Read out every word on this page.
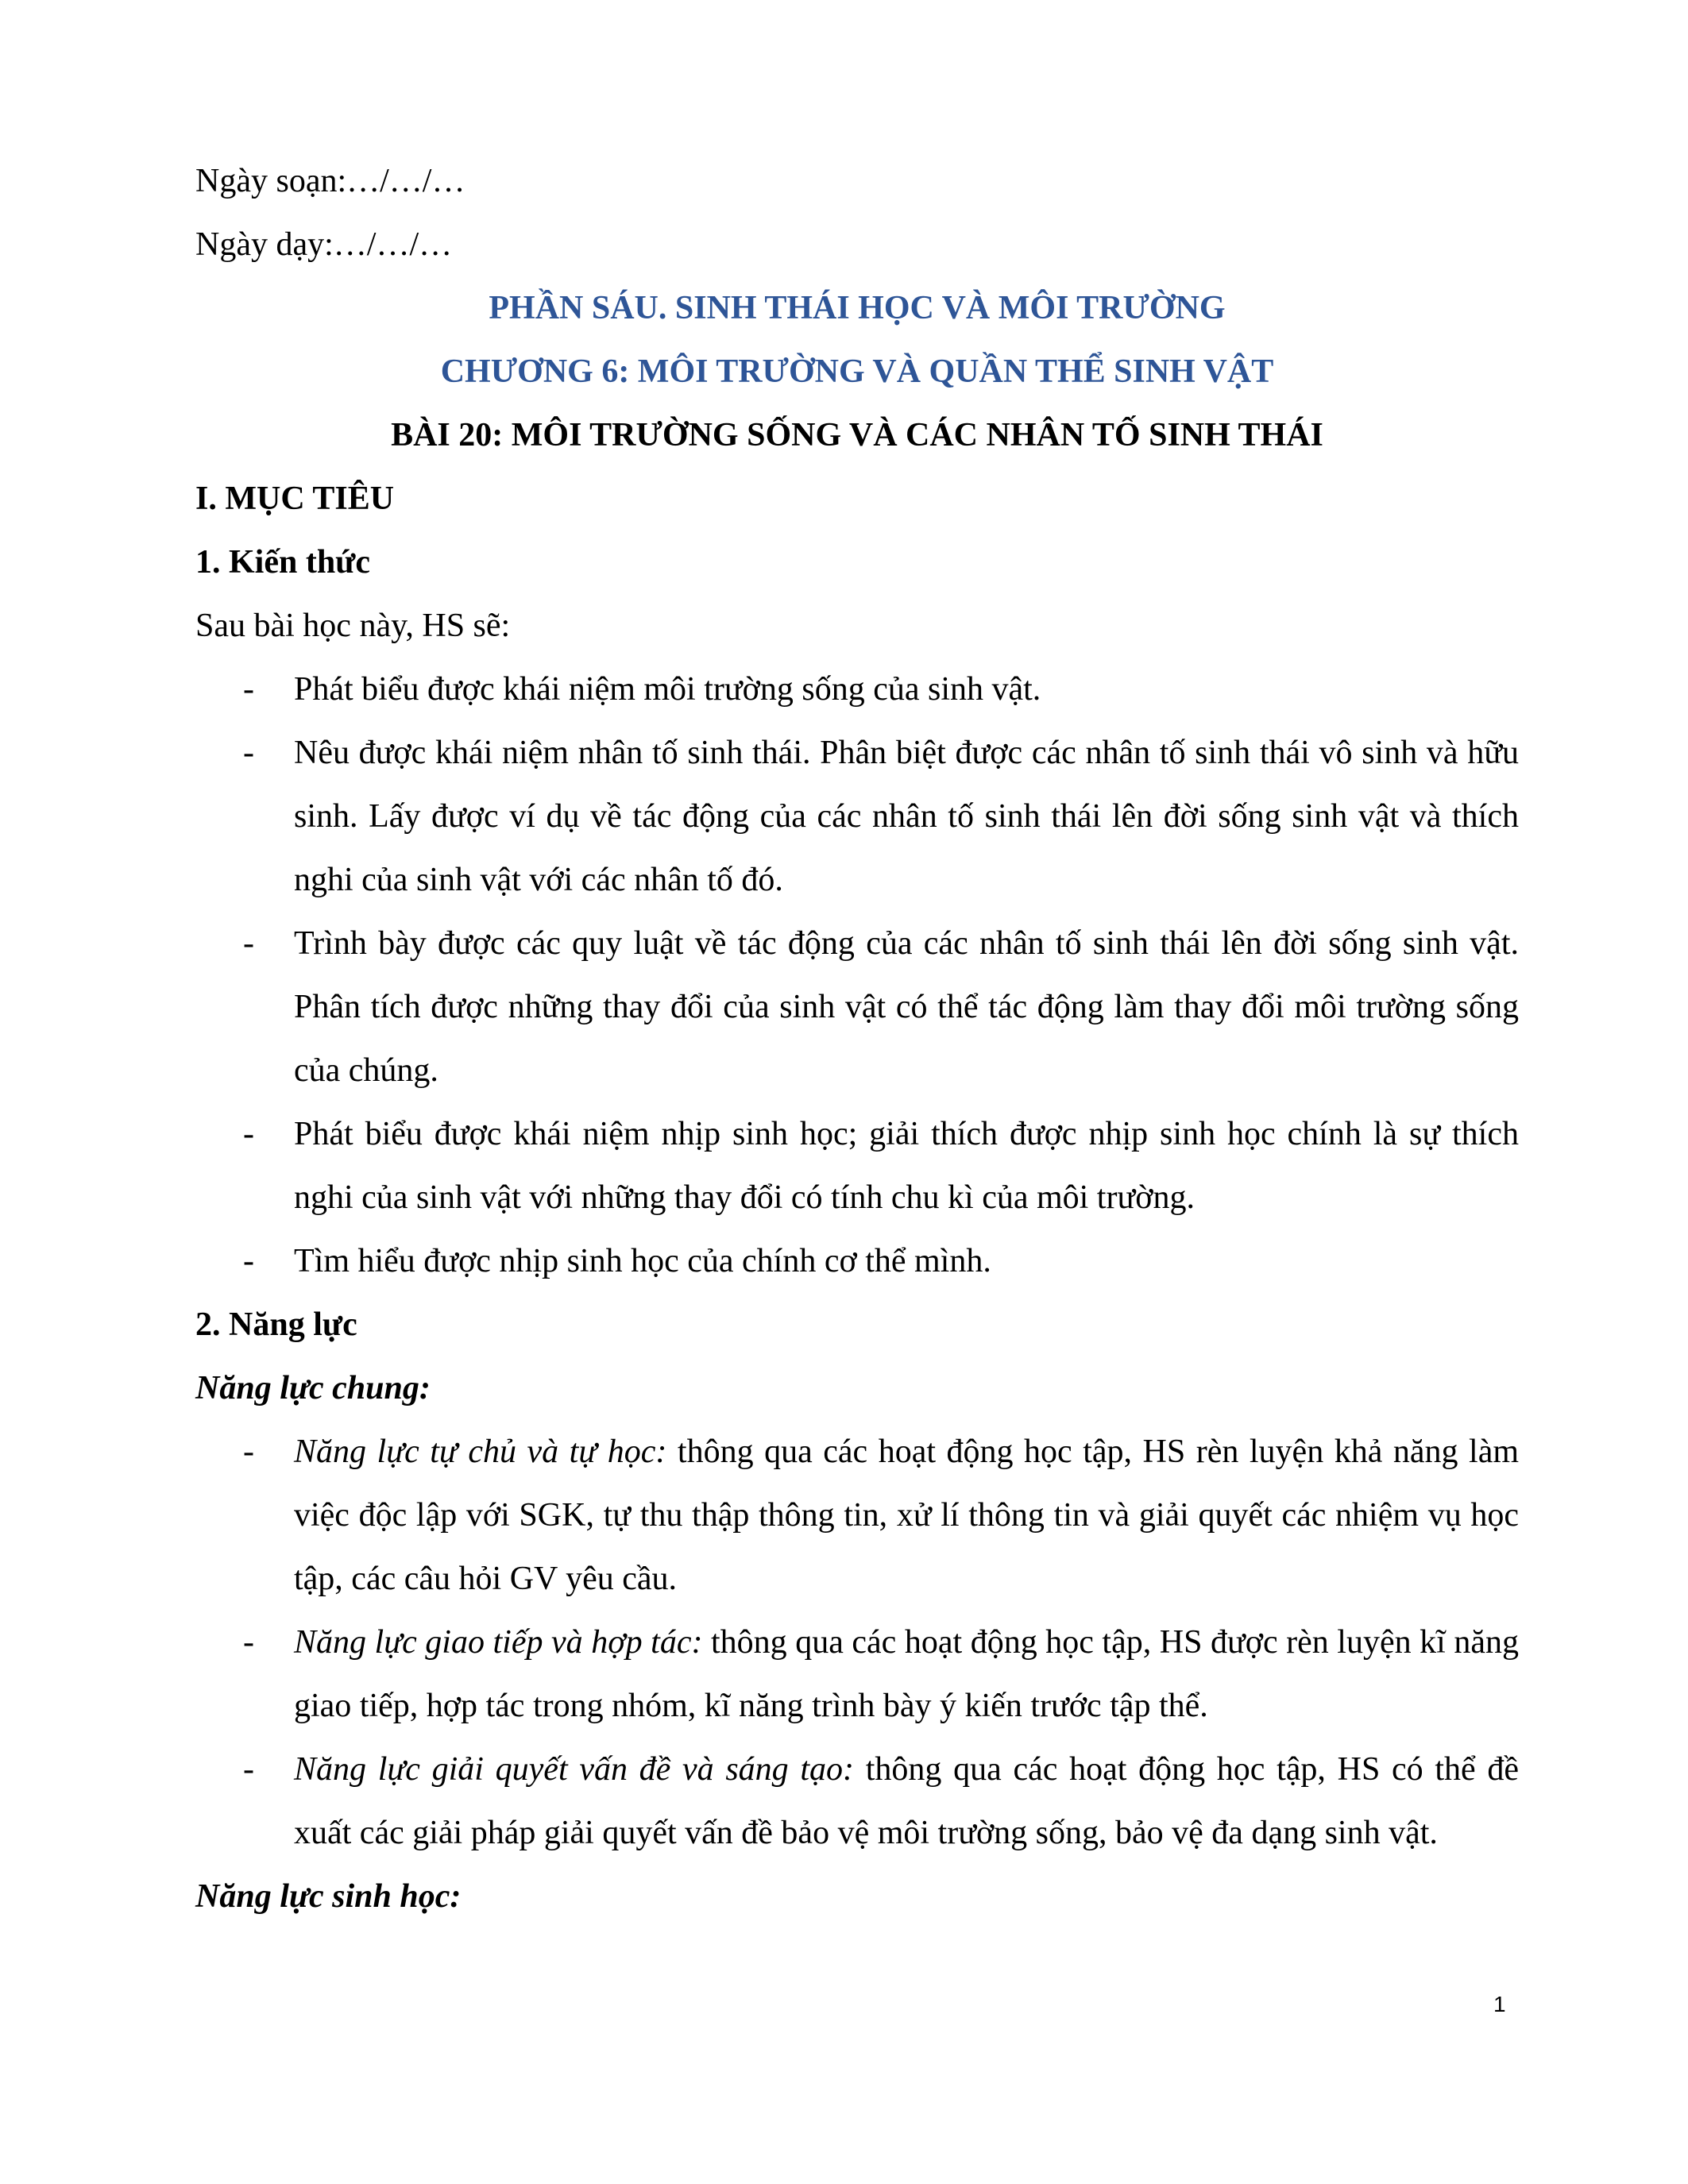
Ngày soạn:…/…/…
Ngày dạy:…/…/…
PHẦN SÁU. SINH THÁI HỌC VÀ MÔI TRƯỜNG
CHƯƠNG 6: MÔI TRƯỜNG VÀ QUẦN THỂ SINH VẬT
BÀI 20: MÔI TRƯỜNG SỐNG VÀ CÁC NHÂN TỐ SINH THÁI
I. MỤC TIÊU
1. Kiến thức
Sau bài học này, HS sẽ:
- Phát biểu được khái niệm môi trường sống của sinh vật.
- Nêu được khái niệm nhân tố sinh thái. Phân biệt được các nhân tố sinh thái vô sinh và hữu sinh. Lấy được ví dụ về tác động của các nhân tố sinh thái lên đời sống sinh vật và thích nghi của sinh vật với các nhân tố đó.
- Trình bày được các quy luật về tác động của các nhân tố sinh thái lên đời sống sinh vật. Phân tích được những thay đổi của sinh vật có thể tác động làm thay đổi môi trường sống của chúng.
- Phát biểu được khái niệm nhịp sinh học; giải thích được nhịp sinh học chính là sự thích nghi của sinh vật với những thay đổi có tính chu kì của môi trường.
- Tìm hiểu được nhịp sinh học của chính cơ thể mình.
2. Năng lực
Năng lực chung:
- Năng lực tự chủ và tự học: thông qua các hoạt động học tập, HS rèn luyện khả năng làm việc độc lập với SGK, tự thu thập thông tin, xử lí thông tin và giải quyết các nhiệm vụ học tập, các câu hỏi GV yêu cầu.
- Năng lực giao tiếp và hợp tác: thông qua các hoạt động học tập, HS được rèn luyện kĩ năng giao tiếp, hợp tác trong nhóm, kĩ năng trình bày ý kiến trước tập thể.
- Năng lực giải quyết vấn đề và sáng tạo: thông qua các hoạt động học tập, HS có thể đề xuất các giải pháp giải quyết vấn đề bảo vệ môi trường sống, bảo vệ đa dạng sinh vật.
Năng lực sinh học:
1
